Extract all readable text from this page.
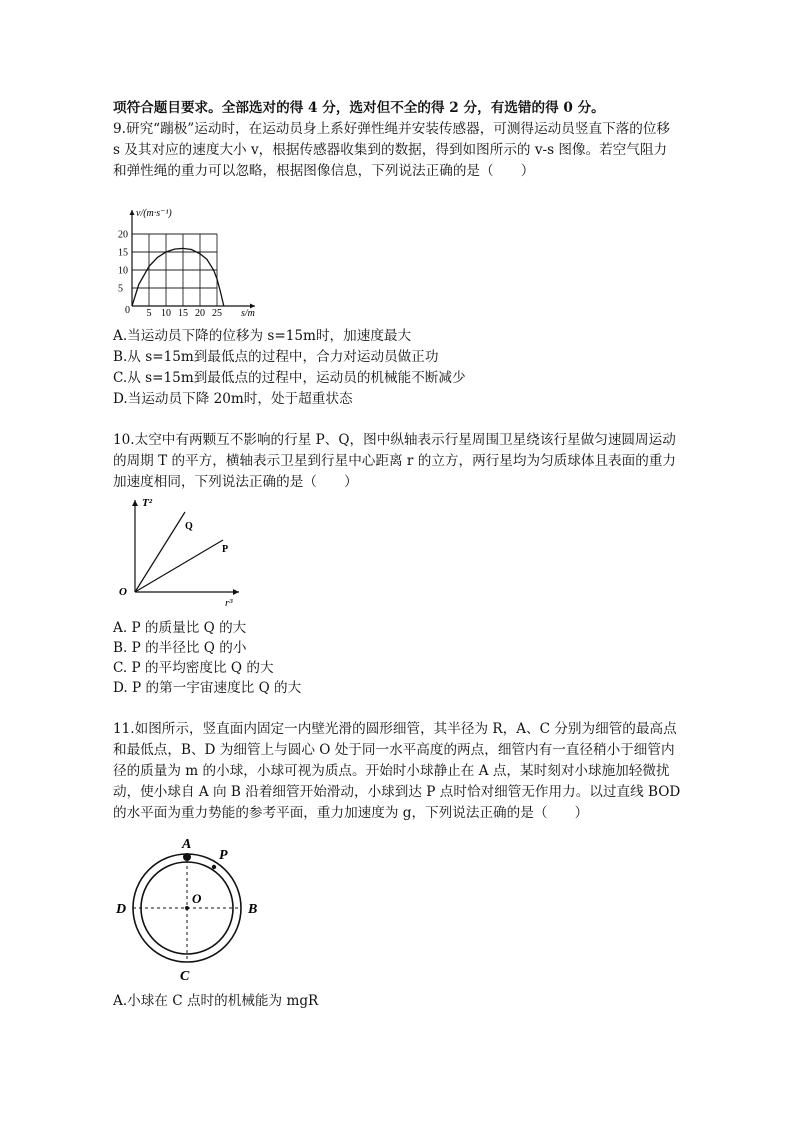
项符合题目要求。全部选对的得 4 分，选对但不全的得 2 分，有选错的得 0 分。
9.研究“蹦极”运动时，在运动员身上系好弹性绳并安装传感器，可测得运动员竖直下落的位移
s 及其对应的速度大小 v，根据传感器收集到的数据，得到如图所示的 v-s 图像。若空气阻力
和弹性绳的重力可以忽略，根据图像信息，下列说法正确的是（　　）
v/(m·s⁻¹)
s/m
0
5
10
15
20
5 10 15 20 25
A.当运动员下降的位移为 s=15m时，加速度最大
B.从 s=15m到最低点的过程中，合力对运动员做正功
C.从 s=15m到最低点的过程中，运动员的机械能不断减少
D.当运动员下降 20m时，处于超重状态
10.太空中有两颗互不影响的行星 P、Q，图中纵轴表示行星周围卫星绕该行星做匀速圆周运动
的周期 T 的平方，横轴表示卫星到行星中心距离 r 的立方，两行星均为匀质球体且表面的重力
加速度相同，下列说法正确的是（　　）
T²
r³
O
Q
P
A. P 的质量比 Q 的大
B. P 的半径比 Q 的小
C. P 的平均密度比 Q 的大
D. P 的第一宇宙速度比 Q 的大
11.如图所示，竖直面内固定一内壁光滑的圆形细管，其半径为 R，A、C 分别为细管的最高点
和最低点，B、D 为细管上与圆心 O 处于同一水平高度的两点，细管内有一直径稍小于细管内
径的质量为 m 的小球，小球可视为质点。开始时小球静止在 A 点，某时刻对小球施加轻微扰
动，使小球自 A 向 B 沿着细管开始滑动，小球到达 P 点时恰对细管无作用力。以过直线 BOD
的水平面为重力势能的参考平面，重力加速度为 g，下列说法正确的是（　　）
A
P
B
D
O
C
A.小球在 C 点时的机械能为 mgR
